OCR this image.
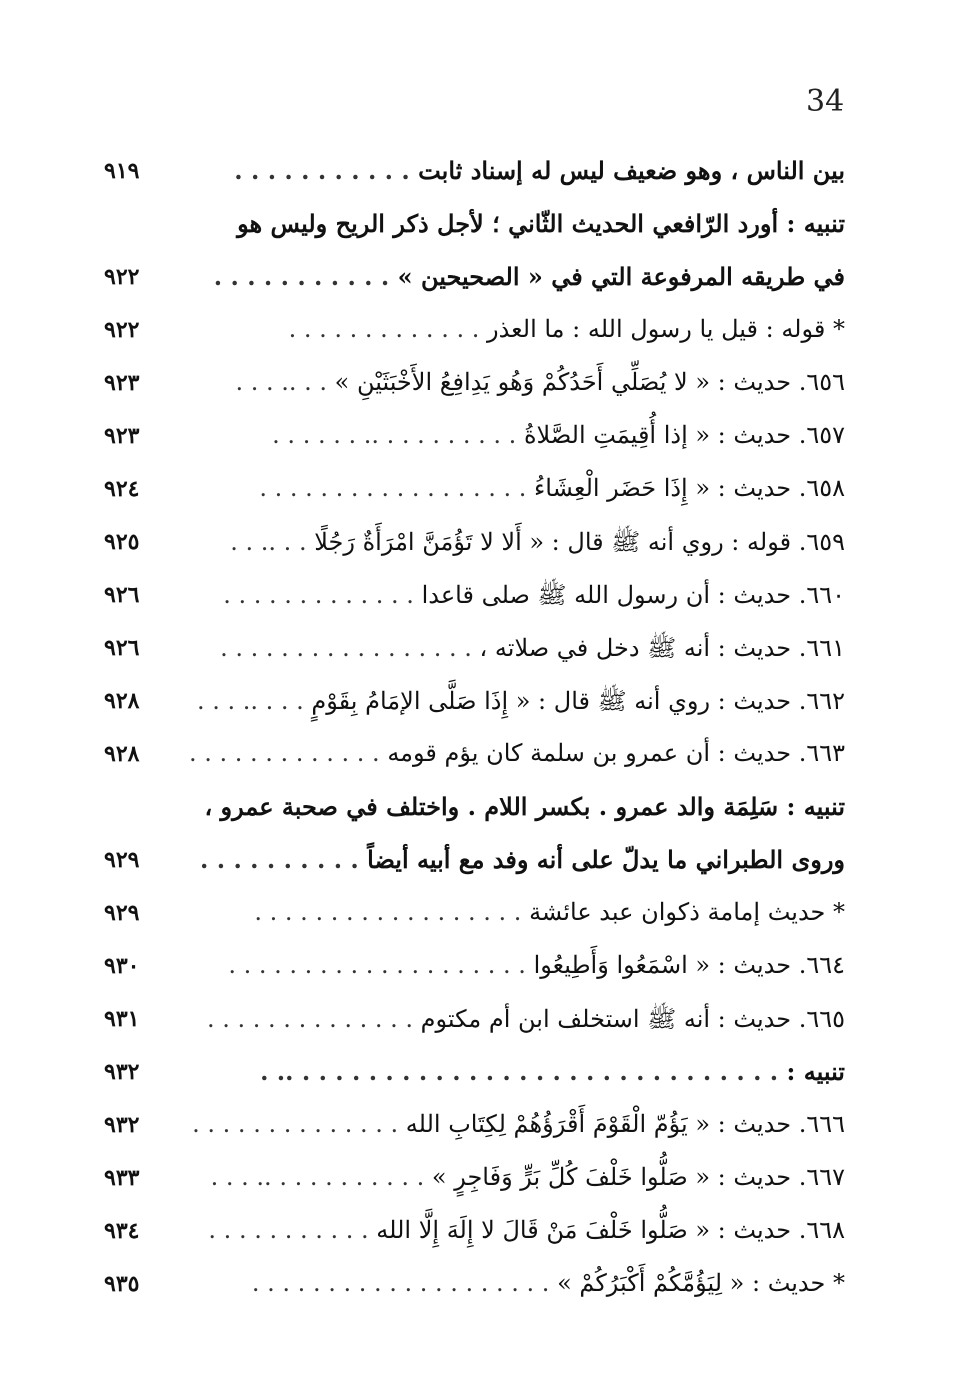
34
بين الناس ، وهو ضعيف ليس له إسناد ثابت . . . . . . . . . . .
٩١٩
تنبيه : أورد الرّافعي الحديث الثّاني ؛ لأجل ذكر الريح وليس هو
في طريقه المرفوعة التي في « الصحيحين » . . . . . . . . . . .
٩٢٢
* قوله : قيل يا رسول الله : ما العذر . . . . . . . . . . . . .
٩٢٢
٦٥٦. حديث : « لا يُصَلِّي أَحَدُكُمْ وَهُو يَدِافِعُ الأَخْبَثَيْنِ » . . .. . . .
٩٢٣
٦٥٧. حديث : « إذا أُقِيمَتِ الصَّلاةُ . . . . . . . . . .. . . . . . .
٩٢٣
٦٥٨. حديث : « إِذَا حَضَر الْعِشَاءُ . . . . . . . . . . . . . . . . . .
٩٢٤
٦٥٩. قوله : روي أنه ﷺ قال : « أَلا لا تَؤُمَنَّ امْرَأَةٌ رَجُلًا . . .. . .
٩٢٥
٦٦٠. حديث : أن رسول الله ﷺ صلى قاعدا . . . . . . . . . . . . .
٩٢٦
٦٦١. حديث : أنه ﷺ دخل في صلاته ، . . . . . . . . . . . . . . . . .
٩٢٦
٦٦٢. حديث : روي أنه ﷺ قال : « إِذَا صَلَّى الإمَامُ بِقَوْمٍ . . . .. . . .
٩٢٨
٦٦٣. حديث : أن عمرو بن سلمة كان يؤم قومه . . . . . . . . . . . . .
٩٢٨
تنبيه : سَلِمَة والد عمرو . بكسر اللام . واختلف في صحبة عمرو ،
وروى الطبراني ما يدلّ على أنه وفد مع أبيه أيضاً . . . . . . . . . .
٩٢٩
* حديث إمامة ذكوان عبد عائشة . . . . . . . . . . . . . . . . . .
٩٢٩
٦٦٤. حديث : « اسْمَعُوا وَأَطِيعُوا . . . . . . . . . . . . . . . . . . . .
٩٣٠
٦٦٥. حديث : أنه ﷺ استخلف ابن أم مكتوم . . . . . . . . . . . . . .
٩٣١
تنبيه : . . . . . . . . . . . . . . . . . . . . . . . . . . . . . .. .
٩٣٢
٦٦٦. حديث : « يَؤُمّ الْقَوْمَ أَقْرَؤُهُمْ لِكِتَابِ الله . . . . . . . . . . . . . .
٩٣٢
٦٦٧. حديث : « صَلُّوا خَلْفَ كُلِّ بَرٍّ وَفَاجِرٍ » . . . . . . . . . . .. . . .
٩٣٣
٦٦٨. حديث : « صَلُّوا خَلْفَ مَنْ قَالَ لا إِلَهَ إِلَّا الله . . . . . . . . . . .
٩٣٤
* حديث : « لِيَؤُمَّكُمْ أَكْبَرُكُمْ » . . . . . . . . . . . . . . . . . . . .
٩٣٥
